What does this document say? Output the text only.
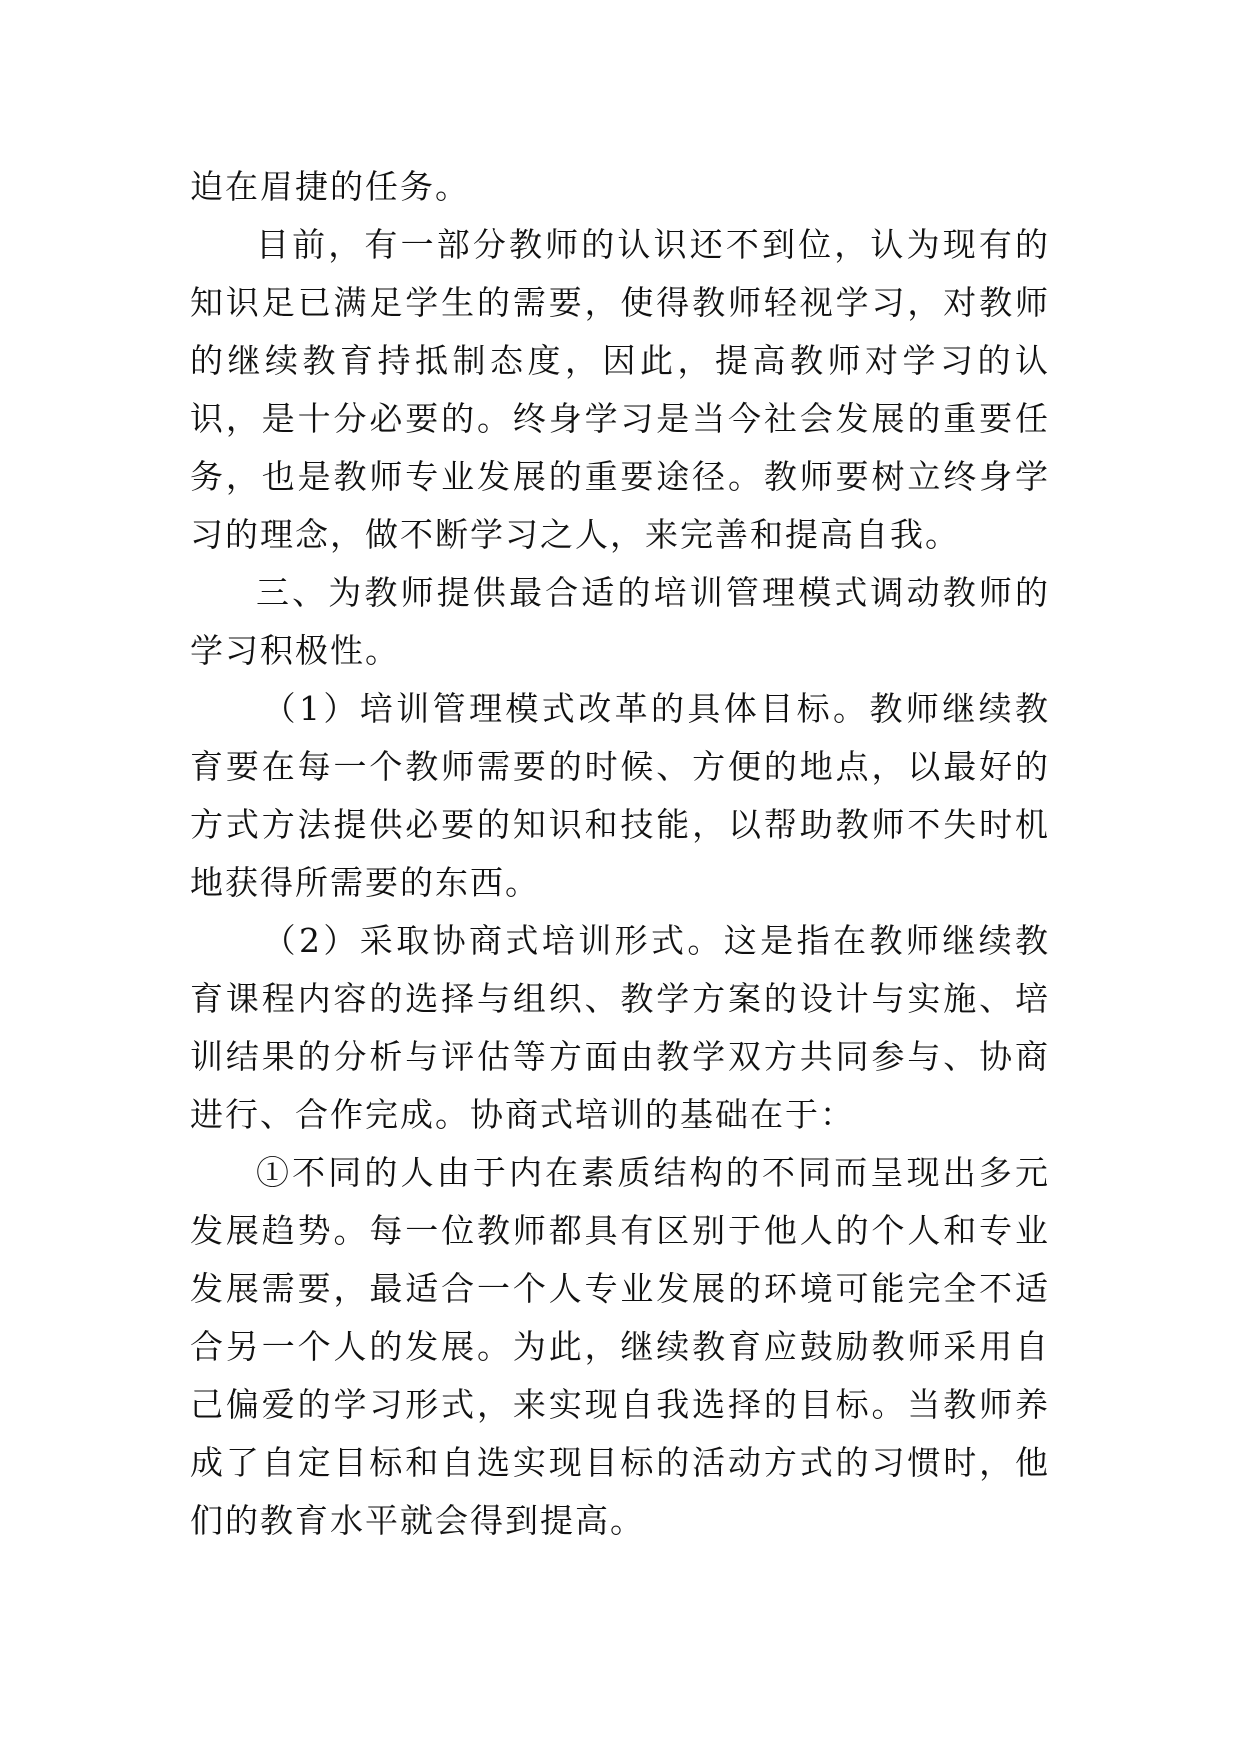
迫在眉捷的任务。

目前，有一部分教师的认识还不到位，认为现有的知识足已满足学生的需要，使得教师轻视学习，对教师的继续教育持抵制态度，因此，提高教师对学习的认识，是十分必要的。终身学习是当今社会发展的重要任务，也是教师专业发展的重要途径。教师要树立终身学习的理念，做不断学习之人，来完善和提高自我。

三、为教师提供最合适的培训管理模式调动教师的学习积极性。

（1）培训管理模式改革的具体目标。教师继续教育要在每一个教师需要的时候、方便的地点，以最好的方式方法提供必要的知识和技能，以帮助教师不失时机地获得所需要的东西。

（2）采取协商式培训形式。这是指在教师继续教育课程内容的选择与组织、教学方案的设计与实施、培训结果的分析与评估等方面由教学双方共同参与、协商进行、合作完成。协商式培训的基础在于：

①不同的人由于内在素质结构的不同而呈现出多元发展趋势。每一位教师都具有区别于他人的个人和专业发展需要，最适合一个人专业发展的环境可能完全不适合另一个人的发展。为此，继续教育应鼓励教师采用自己偏爱的学习形式，来实现自我选择的目标。当教师养成了自定目标和自选实现目标的活动方式的习惯时，他们的教育水平就会得到提高。
